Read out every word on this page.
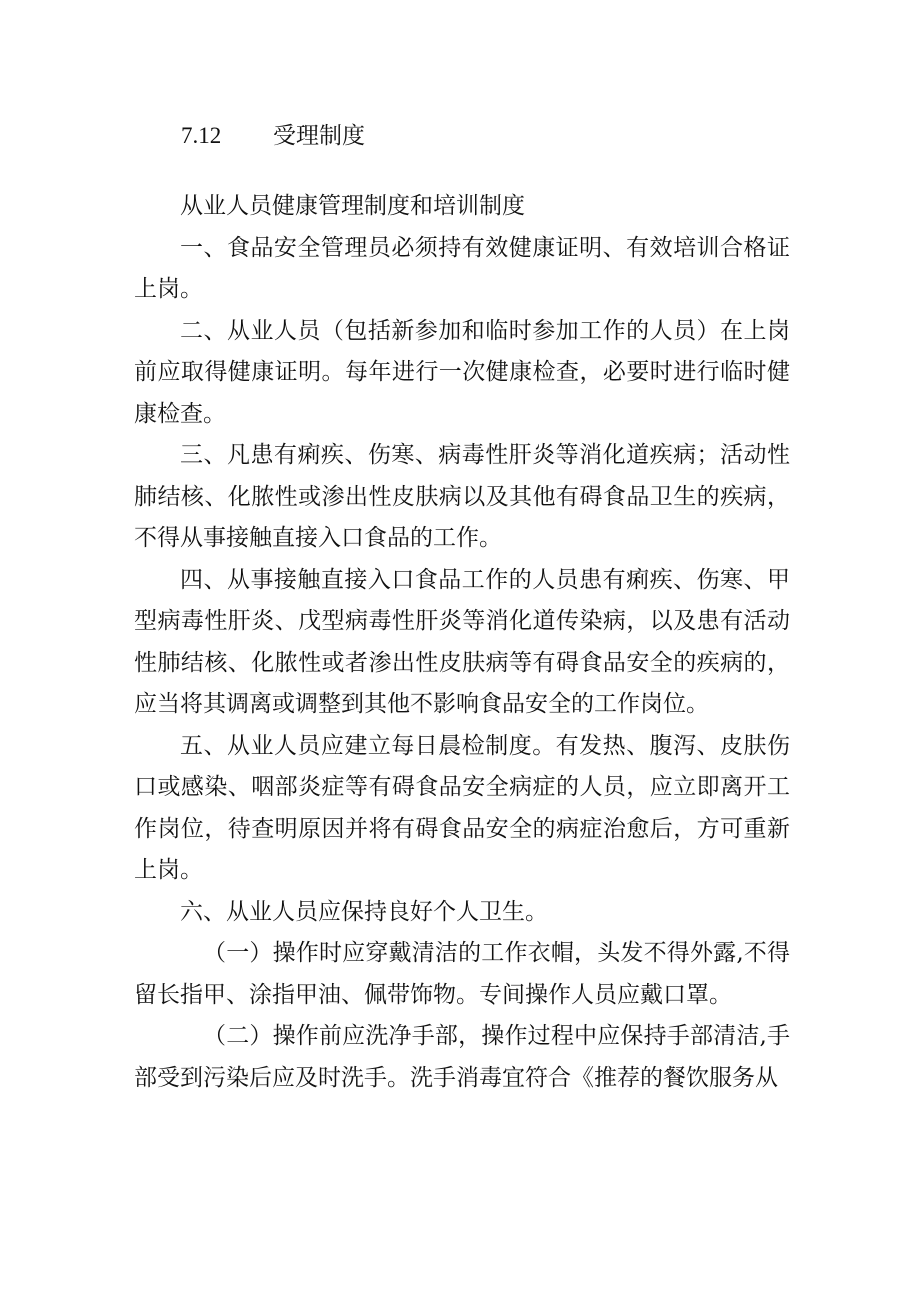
7.12 受理制度

从业人员健康管理制度和培训制度

一、食品安全管理员必须持有效健康证明、有效培训合格证上岗。

二、从业人员（包括新参加和临时参加工作的人员）在上岗前应取得健康证明。每年进行一次健康检查，必要时进行临时健康检查。

三、凡患有痢疾、伤寒、病毒性肝炎等消化道疾病；活动性肺结核、化脓性或渗出性皮肤病以及其他有碍食品卫生的疾病，不得从事接触直接入口食品的工作。

四、从事接触直接入口食品工作的人员患有痢疾、伤寒、甲型病毒性肝炎、戊型病毒性肝炎等消化道传染病，以及患有活动性肺结核、化脓性或者渗出性皮肤病等有碍食品安全的疾病的，应当将其调离或调整到其他不影响食品安全的工作岗位。

五、从业人员应建立每日晨检制度。有发热、腹泻、皮肤伤口或感染、咽部炎症等有碍食品安全病症的人员，应立即离开工作岗位，待查明原因并将有碍食品安全的病症治愈后，方可重新上岗。

六、从业人员应保持良好个人卫生。

（一）操作时应穿戴清洁的工作衣帽，头发不得外露,不得留长指甲、涂指甲油、佩带饰物。专间操作人员应戴口罩。

（二）操作前应洗净手部，操作过程中应保持手部清洁,手部受到污染后应及时洗手。洗手消毒宜符合《推荐的餐饮服务从
